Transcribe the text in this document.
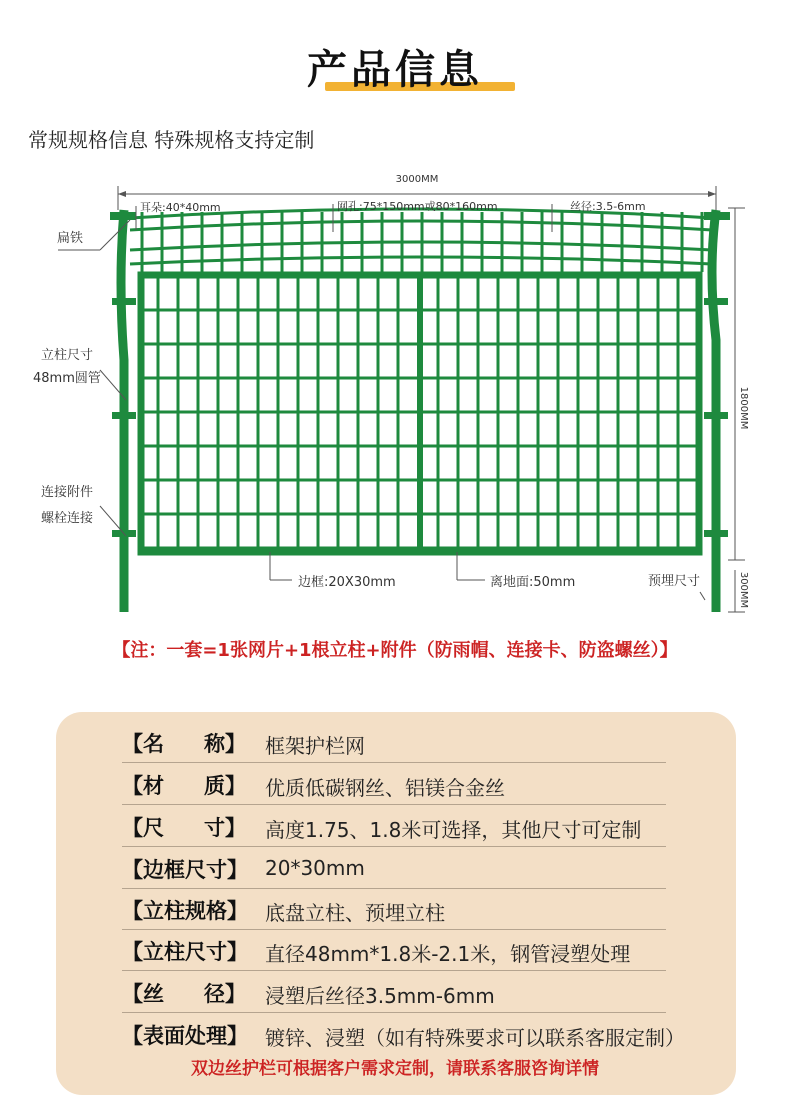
产品信息
常规规格信息 特殊规格支持定制
3000MM
1800MM
300MM
耳朵:40*40mm	网孔:75*150mm或80*160mm	丝径:3.5-6mm
扁铁
立柱尺寸
48mm圆管
连接附件
螺栓连接
边框:20X30mm	离地面:50mm	预埋尺寸
【注：一套=1张网片+1根立柱+附件（防雨帽、连接卡、防盗螺丝）】
【名 称】 框架护栏网
【材 质】 优质低碳钢丝、铝镁合金丝
【尺 寸】 高度1.75、1.8米可选择，其他尺寸可定制
【边框尺寸】 20*30mm
【立柱规格】 底盘立柱、预埋立柱
【立柱尺寸】 直径48mm*1.8米-2.1米，钢管浸塑处理
【丝 径】 浸塑后丝径3.5mm-6mm
【表面处理】 镀锌、浸塑（如有特殊要求可以联系客服定制）
双边丝护栏可根据客户需求定制，请联系客服咨询详情
